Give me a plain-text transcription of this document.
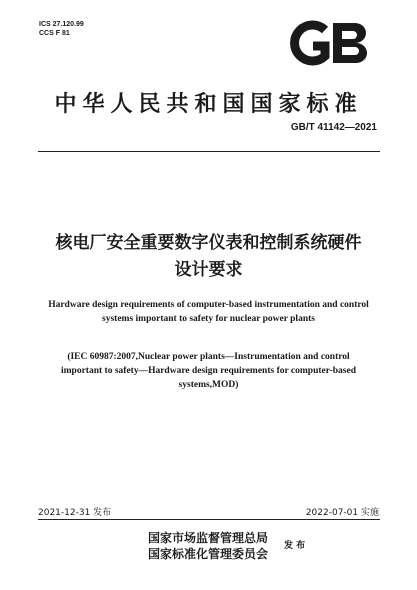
ICS 27.120.99
CCS F 81
中华人民共和国国家标准
GB/T 41142—2021
核电厂安全重要数字仪表和控制系统硬件
设计要求
Hardware design requirements of computer-based instrumentation and control
systems important to safety for nuclear power plants
(IEC 60987:2007,Nuclear power plants—Instrumentation and control
important to safety—Hardware design requirements for computer-based
systems,MOD)
2021-12-31 发布	2022-07-01 实施
国家市场监督管理总局
国家标准化管理委员会
发 布
